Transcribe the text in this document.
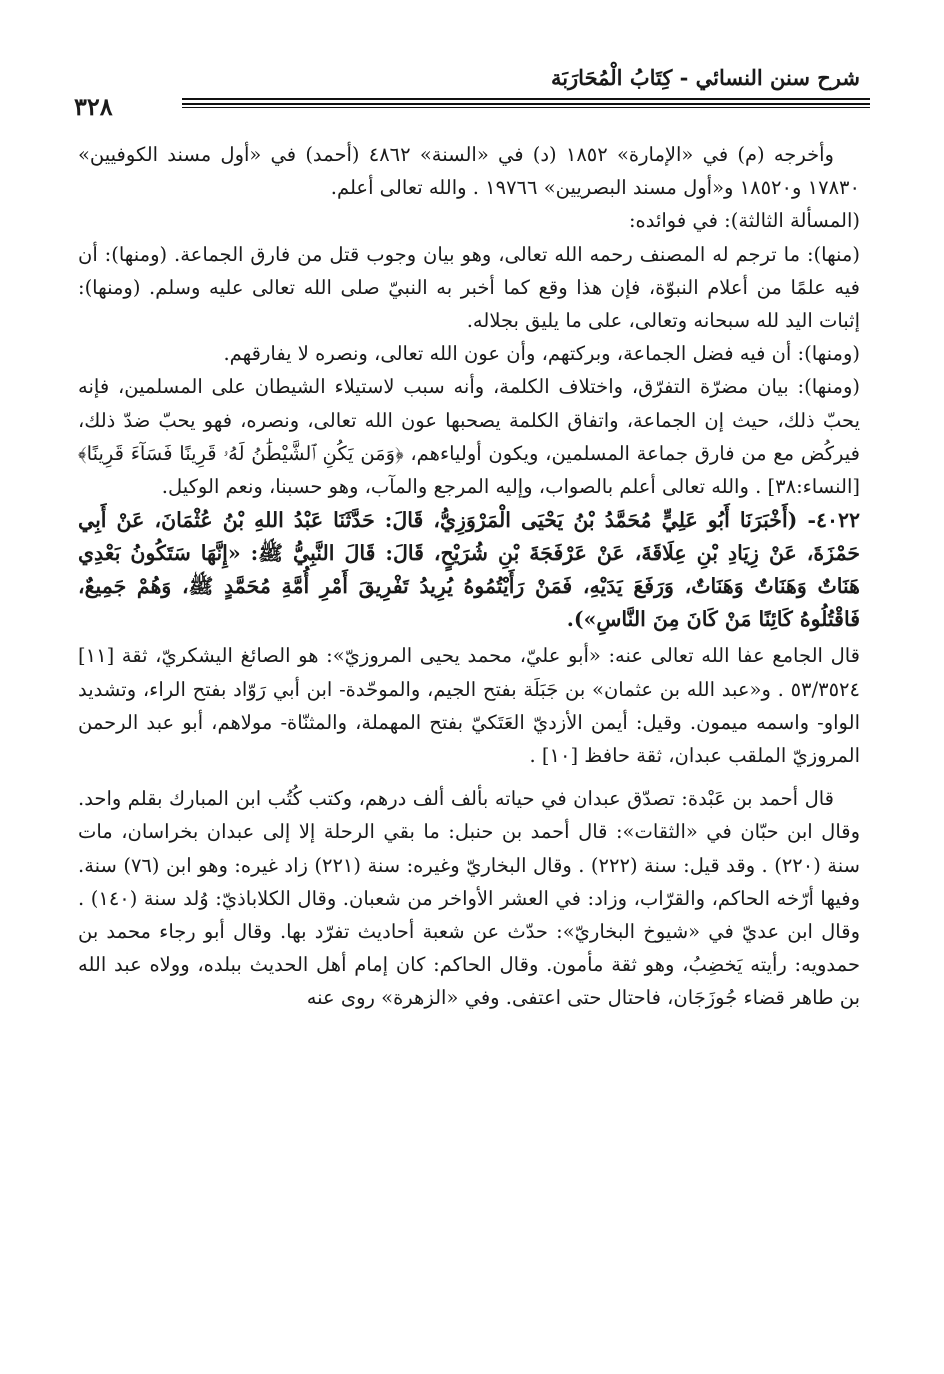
شرح سنن النسائي - كِتَابُ الْمُحَارَبَة
٣٢٨

وأخرجه (م) في «الإمارة» ١٨٥٢ (د) في «السنة» ٤٨٦٢ (أحمد) في «أول مسند الكوفيين» ١٧٨٣٠ و١٨٥٢٠ و«أول مسند البصريين» ١٩٧٦٦ . والله تعالى أعلم.

(المسألة الثالثة): في فوائده:

(منها): ما ترجم له المصنف رحمه الله تعالى، وهو بيان وجوب قتل من فارق الجماعة. (ومنها): أن فيه علمًا من أعلام النبوّة، فإن هذا وقع كما أخبر به النبيّ صلى الله تعالى عليه وسلم. (ومنها): إثبات اليد لله سبحانه وتعالى، على ما يليق بجلاله.

(ومنها): أن فيه فضل الجماعة، وبركتهم، وأن عون الله تعالى، ونصره لا يفارقهم.

(ومنها): بيان مضرّة التفرّق، واختلاف الكلمة، وأنه سبب لاستيلاء الشيطان على المسلمين، فإنه يحبّ ذلك، حيث إن الجماعة، واتفاق الكلمة يصحبها عون الله تعالى، ونصره، فهو يحبّ ضدّ ذلك، فيركُض مع من فارق جماعة المسلمين، ويكون أولياءهم، ﴿وَمَن يَكُنِ ٱلشَّيْطَٰنُ لَهُۥ قَرِينًا فَسَآءَ قَرِينًا﴾ [النساء:٣٨] . والله تعالى أعلم بالصواب، وإليه المرجع والمآب، وهو حسبنا، ونعم الوكيل.

٤٠٢٢- (أَخْبَرَنَا أَبُو عَلِيٍّ مُحَمَّدُ بْنُ يَحْيَى الْمَرْوَزِيُّ، قَالَ: حَدَّثَنَا عَبْدُ اللهِ بْنُ عُثْمَانَ، عَنْ أَبِي حَمْزَةَ، عَنْ زِيَادِ بْنِ عِلَاقَةَ، عَنْ عَرْفَجَةَ بْنِ شُرَيْحٍ، قَالَ: قَالَ النَّبِيُّ ﷺ: «إِنَّهَا سَتَكُونُ بَعْدِي هَنَاتٌ وَهَنَاتٌ وَهَنَاتٌ، وَرَفَعَ يَدَيْهِ، فَمَنْ رَأَيْتُمُوهُ يُرِيدُ تَفْرِيقَ أَمْرِ أُمَّةِ مُحَمَّدٍ ﷺ، وَهُمْ جَمِيعٌ، فَاقْتُلُوهُ كَائِنًا مَنْ كَانَ مِنَ النَّاسِ»).

قال الجامع عفا الله تعالى عنه: «أبو عليّ، محمد يحيى المروزيّ»: هو الصائغ اليشكريّ، ثقة [١١] ٥٣/٣٥٢٤ . و«عبد الله بن عثمان» بن جَبَلَة بفتح الجيم، والموحّدة- ابن أبي رَوّاد بفتح الراء، وتشديد الواو- واسمه ميمون. وقيل: أيمن الأزديّ العَتَكيّ بفتح المهملة، والمثنّاة- مولاهم، أبو عبد الرحمن المروزيّ الملقب عبدان، ثقة حافظ [١٠] .

قال أحمد بن عَبْدة: تصدّق عبدان في حياته بألف ألف درهم، وكتب كُتُب ابن المبارك بقلم واحد. وقال ابن حبّان في «الثقات»: قال أحمد بن حنبل: ما بقي الرحلة إلا إلى عبدان بخراسان، مات سنة (٢٢٠) . وقد قيل: سنة (٢٢٢) . وقال البخاريّ وغيره: سنة (٢٢١) زاد غيره: وهو ابن (٧٦) سنة. وفيها أرّخه الحاكم، والقرّاب، وزاد: في العشر الأواخر من شعبان. وقال الكلاباذيّ: وُلد سنة (١٤٠) . وقال ابن عديّ في «شيوخ البخاريّ»: حدّث عن شعبة أحاديث تفرّد بها. وقال أبو رجاء محمد بن حمدويه: رأيته يَخضِبُ، وهو ثقة مأمون. وقال الحاكم: كان إمام أهل الحديث ببلده، وولاه عبد الله بن طاهر قضاء جُوزَجَان، فاحتال حتى اعتفى. وفي «الزهرة» روى عنه
